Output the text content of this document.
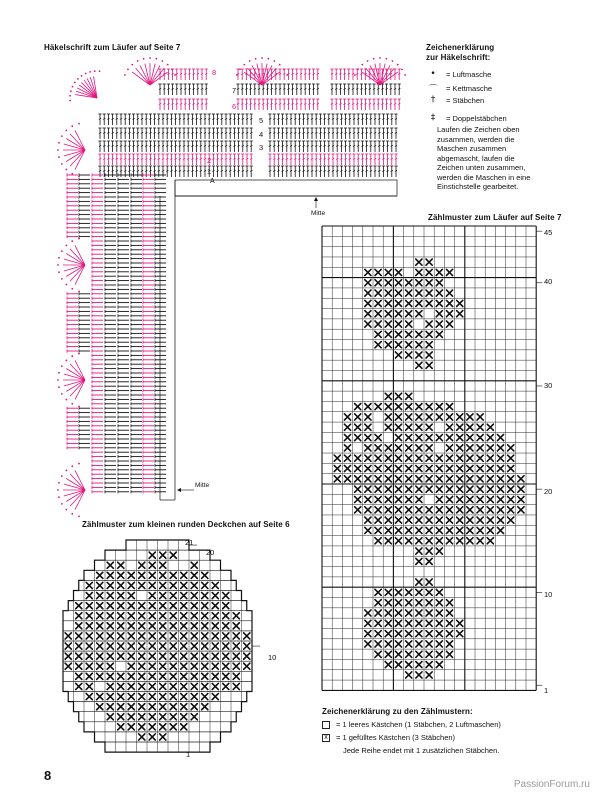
Häkelschrift zum Läufer auf Seite 7
8
7
6
5
4
3
2
1
A
Mitte
Mitte
Zeichenerklärung
zur Häkelschrift:
•	= Luftmasche
⌒	= Kettmasche
†	= Stäbchen
‡	= Doppelstäbchen
Laufen die Zeichen oben
zusammen, werden die
Maschen zusammen
abgemascht, laufen die
Zeichen unten zusammen,
werden die Maschen in eine
Einstichstelle gearbeitet.
Zählmuster zum Läufer auf Seite 7
45
40
30
20
10
1
Zählmuster zum kleinen runden Deckchen auf Seite 6
21
20
10
1
Zeichenerklärung zu den Zählmustern:
= 1 leeres Kästchen (1 Stäbchen, 2 Luftmaschen)
x	= 1 gefülltes Kästchen (3 Stäbchen)
Jede Reihe endet mit 1 zusätzlichen Stäbchen.
8
PassionForum.ru
